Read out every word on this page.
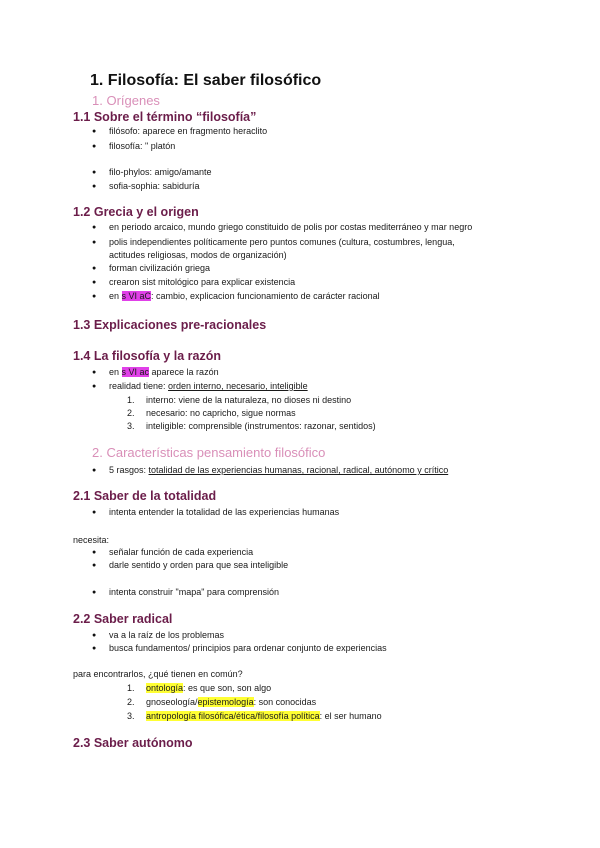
1. Filosofía: El saber filosófico
1. Orígenes
1.1 Sobre el término “filosofía”
● filósofo: aparece en fragmento heraclito
● filosofía: " platón
● filo-phylos: amigo/amante
● sofia-sophia: sabiduría
1.2 Grecia y el origen
● en periodo arcaico, mundo griego constituido de polis por costas mediterráneo y mar negro
● polis independientes políticamente pero puntos comunes (cultura, costumbres, lengua,
actitudes religiosas, modos de organización)
● forman civilización griega
● crearon sist mitológico para explicar existencia
● en s VI aC: cambio, explicacion funcionamiento de carácter racional
1.3 Explicaciones pre-racionales
1.4 La filosofía y la razón
● en s VI ac aparece la razón
● realidad tiene: orden interno, necesario, inteligible
1. interno: viene de la naturaleza, no dioses ni destino
2. necesario: no capricho, sigue normas
3. inteligible: comprensible (instrumentos: razonar, sentidos)
2. Características pensamiento filosófico
● 5 rasgos: totalidad de las experiencias humanas, racional, radical, autónomo y crítico
2.1 Saber de la totalidad
● intenta entender la totalidad de las experiencias humanas
necesita:
● señalar función de cada experiencia
● darle sentido y orden para que sea inteligible
● intenta construir "mapa" para comprensión
2.2 Saber radical
● va a la raíz de los problemas
● busca fundamentos/ principios para ordenar conjunto de experiencias
para encontrarlos, ¿qué tienen en común?
1. ontología: es que son, son algo
2. gnoseología/epistemología: son conocidas
3. antropología filosófica/ética/filosofía política: el ser humano
2.3 Saber autónomo
